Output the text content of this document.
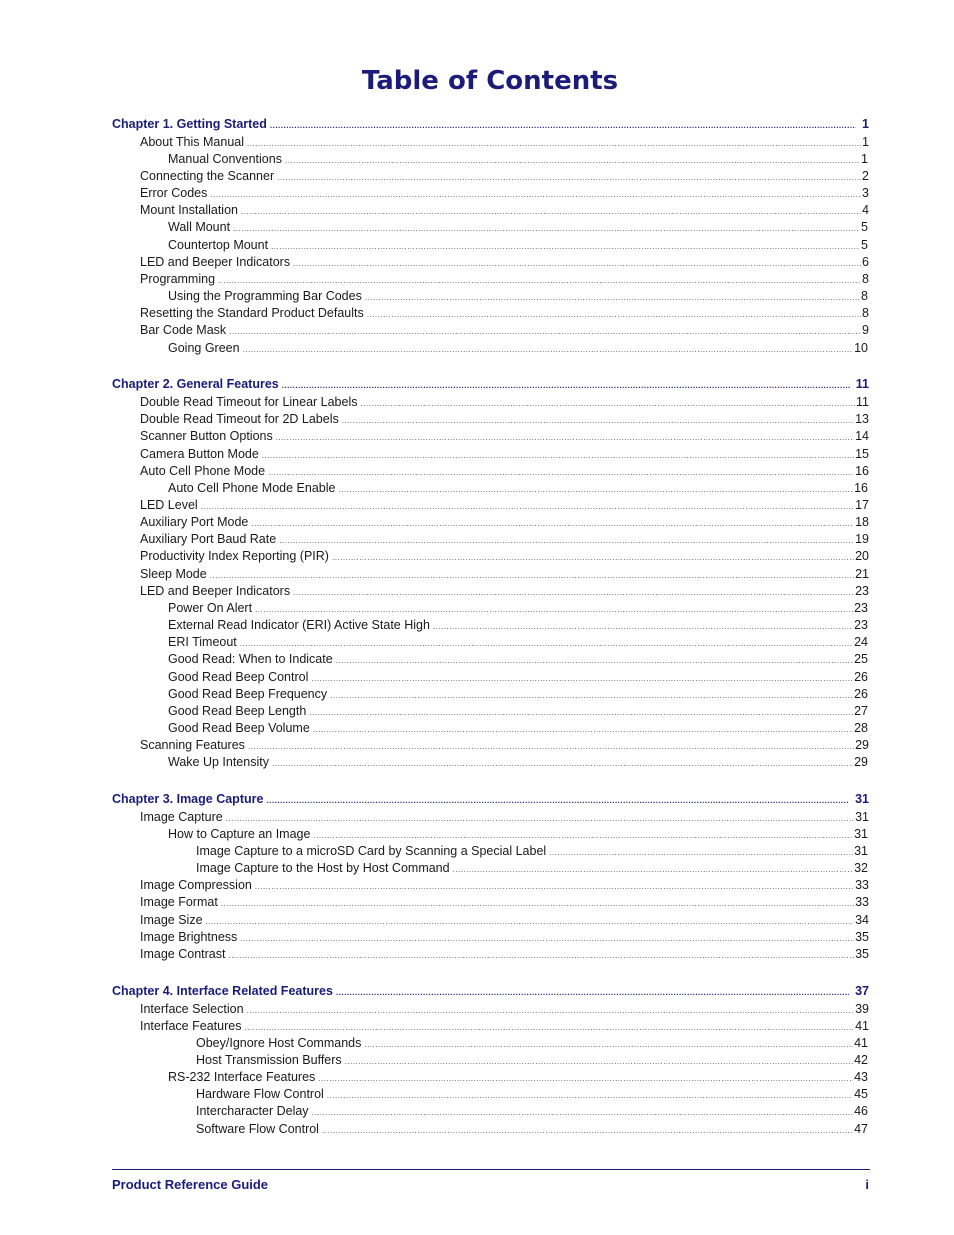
Table of Contents
Chapter 1. Getting Started .....	1
About This Manual .....	1
Manual Conventions .....	1
Connecting the Scanner .....	2
Error Codes .....	3
Mount Installation .....	4
Wall Mount .....	5
Countertop Mount .....	5
LED and Beeper Indicators .....	6
Programming .....	8
Using the Programming Bar Codes .....	8
Resetting the Standard Product Defaults .....	8
Bar Code Mask .....	9
Going Green .....	10
Chapter 2. General Features .....	11
Double Read Timeout for Linear Labels .....	11
Double Read Timeout for 2D Labels .....	13
Scanner Button Options .....	14
Camera Button Mode .....	15
Auto Cell Phone Mode .....	16
Auto Cell Phone Mode Enable .....	16
LED Level .....	17
Auxiliary Port Mode .....	18
Auxiliary Port Baud Rate .....	19
Productivity Index Reporting (PIR) .....	20
Sleep Mode .....	21
LED and Beeper Indicators .....	23
Power On Alert .....	23
External Read Indicator (ERI) Active State High .....	23
ERI Timeout .....	24
Good Read: When to Indicate .....	25
Good Read Beep Control .....	26
Good Read Beep Frequency .....	26
Good Read Beep Length .....	27
Good Read Beep Volume .....	28
Scanning Features .....	29
Wake Up Intensity .....	29
Chapter 3. Image Capture .....	31
Image Capture .....	31
How to Capture an Image .....	31
Image Capture to a microSD Card by Scanning a Special Label .....	31
Image Capture to the Host by Host Command .....	32
Image Compression .....	33
Image Format .....	33
Image Size .....	34
Image Brightness .....	35
Image Contrast .....	35
Chapter 4. Interface Related Features .....	37
Interface Selection .....	39
Interface Features .....	41
Obey/Ignore Host Commands .....	41
Host Transmission Buffers .....	42
RS-232 Interface Features .....	43
Hardware Flow Control .....	45
Intercharacter Delay .....	46
Software Flow Control .....	47
Product Reference Guide	i
